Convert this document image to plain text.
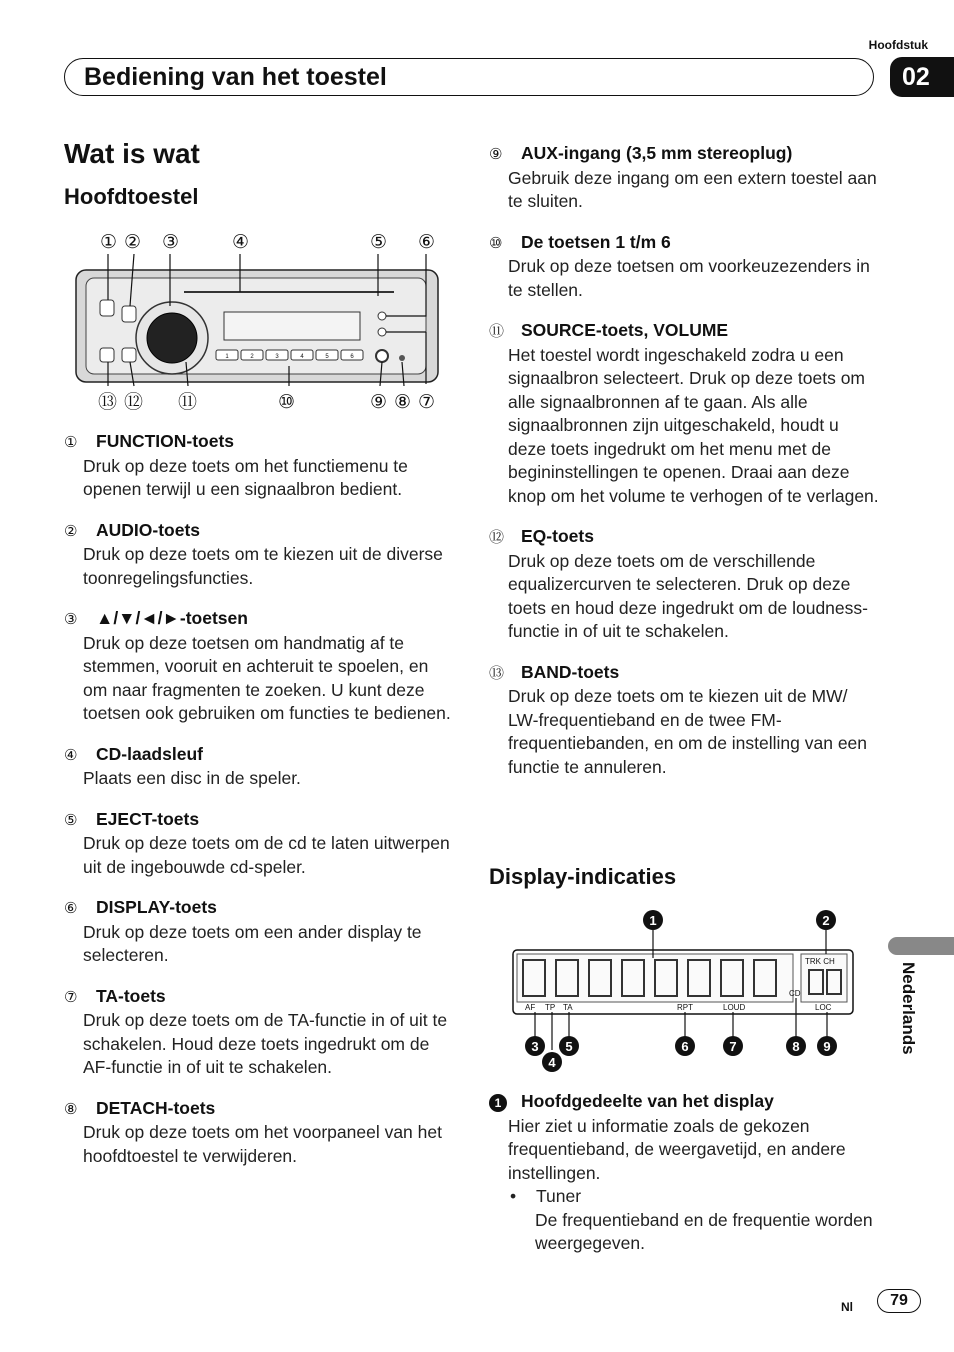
Hoofdstuk
Bediening van het toestel	02
Wat is wat
Hoofdtoestel
① ② ③	④	⑤ ⑥
1	2	3	4	5	6
⑬ ⑫ ⑪	⑩	⑨ ⑧ ⑦
① FUNCTION-toets
Druk op deze toets om het functiemenu te openen terwijl u een signaalbron bedient.
② AUDIO-toets
Druk op deze toets om te kiezen uit de diverse toonregelingsfuncties.
③ ▲/▼/◄/►-toetsen
Druk op deze toetsen om handmatig af te stemmen, vooruit en achteruit te spoelen, en om naar fragmenten te zoeken. U kunt deze toetsen ook gebruiken om functies te bedienen.
④ CD-laadsleuf
Plaats een disc in de speler.
⑤ EJECT-toets
Druk op deze toets om de cd te laten uitwerpen uit de ingebouwde cd-speler.
⑥ DISPLAY-toets
Druk op deze toets om een ander display te selecteren.
⑦ TA-toets
Druk op deze toets om de TA-functie in of uit te schakelen. Houd deze toets ingedrukt om de AF-functie in of uit te schakelen.
⑧ DETACH-toets
Druk op deze toets om het voorpaneel van het hoofdtoestel te verwijderen.
⑨ AUX-ingang (3,5 mm stereoplug)
Gebruik deze ingang om een extern toestel aan te sluiten.
⑩ De toetsen 1 t/m 6
Druk op deze toetsen om voorkeuzezenders in te stellen.
⑪ SOURCE-toets, VOLUME
Het toestel wordt ingeschakeld zodra u een signaalbron selecteert. Druk op deze toets om alle signaalbronnen af te gaan. Als alle signaalbronnen zijn uitgeschakeld, houdt u deze toets ingedrukt om het menu met de begininstellingen te openen. Draai aan deze knop om het volume te verhogen of te verlagen.
⑫ EQ-toets
Druk op deze toets om de verschillende equalizercurven te selecteren. Druk op deze toets en houd deze ingedrukt om de loudness-functie in of uit te schakelen.
⑬ BAND-toets
Druk op deze toets om te kiezen uit de MW/ LW-frequentieband en de twee FM-frequentiebanden, en om de instelling van een functie te annuleren.
Display-indicaties
1	2
TRK CH
AF TP TA	RPT	LOUD
CD
LOC
3
4
5	6	7	8 9
1 Hoofdgedeelte van het display
Hier ziet u informatie zoals de gekozen frequentieband, de weergavetijd, en andere instellingen.
• Tuner
De frequentieband en de frequentie worden weergegeven.
Nederlands
Nl	79
